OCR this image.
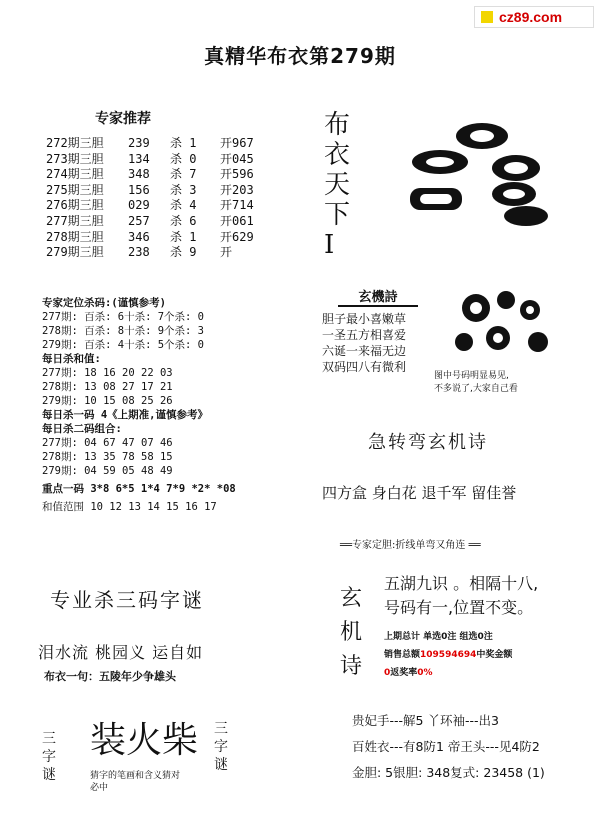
cz89.com
真精华布衣第279期
专家推荐
272期三胆	239	杀 1	开967
273期三胆	134	杀 0	开045
274期三胆	348	杀 7	开596
275期三胆	156	杀 3	开203
276期三胆	029	杀 4	开714
277期三胆	257	杀 6	开061
278期三胆	346	杀 1	开629
279期三胆	238	杀 9	开
专家定位杀码:(谨慎参考)
277期: 百杀: 6十杀: 7个杀: 0
278期: 百杀: 8十杀: 9个杀: 3
279期: 百杀: 4十杀: 5个杀: 0
每日杀和值:
277期: 18 16 20 22 03
278期: 13 08 27 17 21
279期: 10 15 08 25 26
每日杀一码 4《上期准,谨慎参考》
每日杀二码组合:
277期: 04 67 47 07 46
278期: 13 35 78 58 15
279期: 04 59 05 48 49
重点一码 3*8 6*5 1*4 7*9 *2* *08
和值范围 10 12 13 14 15 16 17
专业杀三码字谜
泪水流 桃园义 运自如
布衣一句：五陵年少争雄头
三字谜
装火柴
猜字的笔画和含义猜对 必中
三字谜
布
衣
天
下
I
玄機詩
胆子最小喜嫩草
一圣五方相喜爱
六诞一来福无边
双码四八有微利
图中号码明显易见,
不多说了,大家自己看
急转弯玄机诗
四方盒 身白花 退千军 留佳誉
══专家定胆:折线单弯又角连 ══
玄
机
诗
五湖九识 。相隔十八,
号码有一,位置不变。
上期总计 单选0注 组选0注
销售总额109594694中奖金额
0返奖率0%
贵妃手---解5 丫环袖---出3
百姓衣---有8防1 帝王头---见4防2
金胆: 5银胆: 348复式: 23458 (1)
